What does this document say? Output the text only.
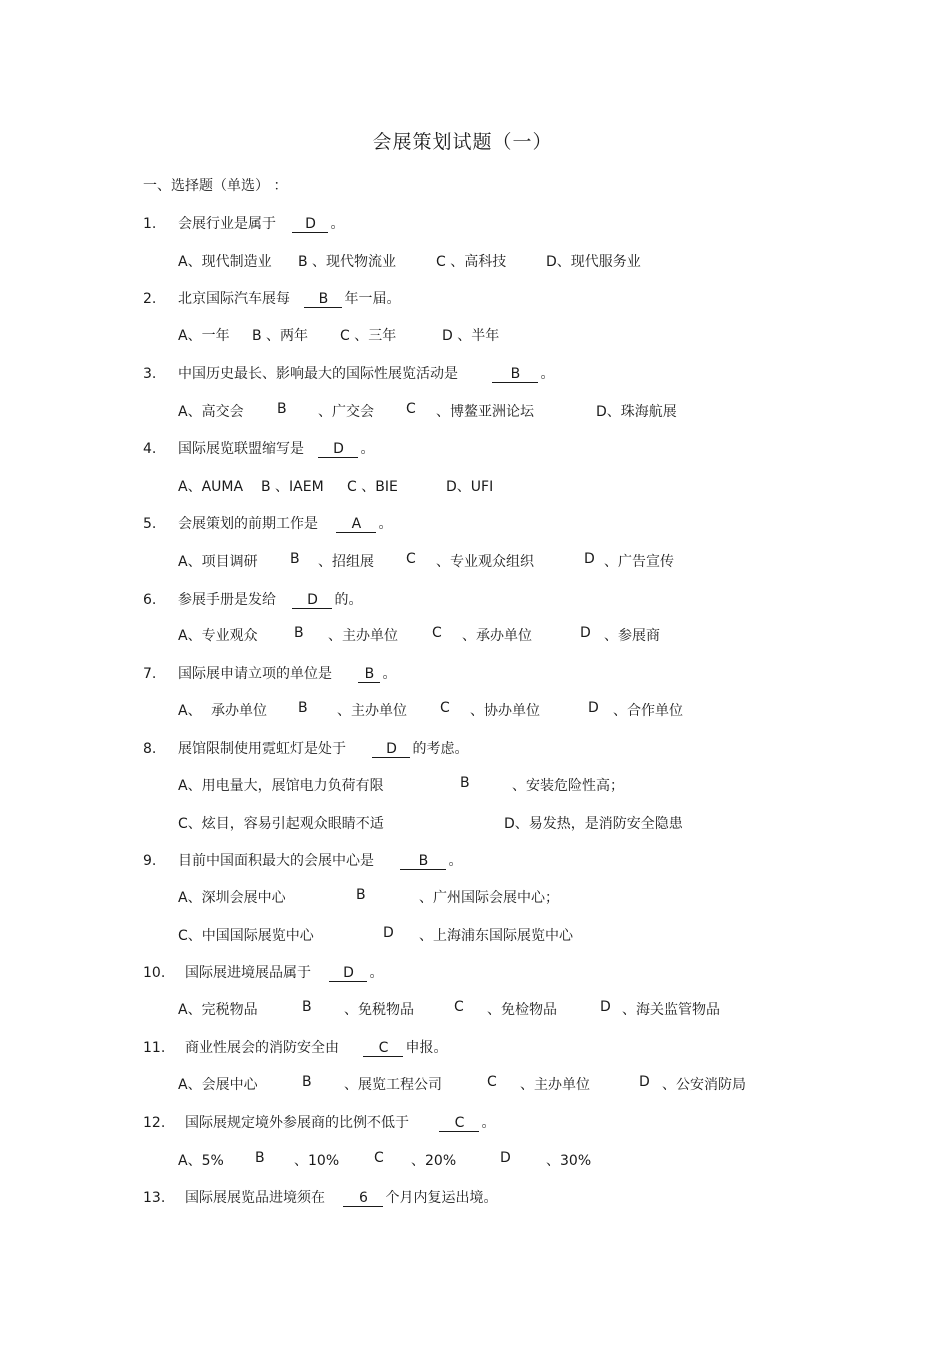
会展策划试题（一）
一、选择题（单选） ：
1. 会展行业是属于 D 。
A、现代制造业 B 、现代物流业	C 、高科技	D、现代服务业
2. 北京国际汽车展每 B 年一届。
A、一年 B 、两年 C 、三年	D 、半年
3. 中国历史最长、影响最大的国际性展览活动是	B 。
A、高交会 B 、广交会 C 、博鳌亚洲论坛	D、珠海航展
4. 国际展览联盟缩写是 D 。
A、AUMA B 、IAEM C 、BIE	D、UFI
5. 会展策划的前期工作是 A 。
A、项目调研 B 、招组展 C 、专业观众组织	D 、广告宣传
6. 参展手册是发给 D 的。
A、专业观众	B 、主办单位 C 、承办单位	D 、参展商
7. 国际展申请立项的单位是 B 。
A、 承办单位 B 、主办单位 C 、协办单位	D 、合作单位
8. 展馆限制使用霓虹灯是处于	D 的考虑。
A、用电量大，展馆电力负荷有限	B	、安装危险性高；
C、炫目，容易引起观众眼睛不适	D、易发热，是消防安全隐患
9. 目前中国面积最大的会展中心是	B 。
A、深圳会展中心	B	、广州国际会展中心；
C、中国国际展览中心	D 、上海浦东国际展览中心
10. 国际展进境展品属于 D 。
A、完税物品	B 、免税物品	C 、免检物品	D 、海关监管物品
11. 商业性展会的消防安全由	C 申报。
A、会展中心	B 、展览工程公司	C 、主办单位	D 、公安消防局
12. 国际展规定境外参展商的比例不低于	C 。
A、5% B 、10% C 、20%	D	、30%
13. 国际展展览品进境须在 6 个月内复运出境。
